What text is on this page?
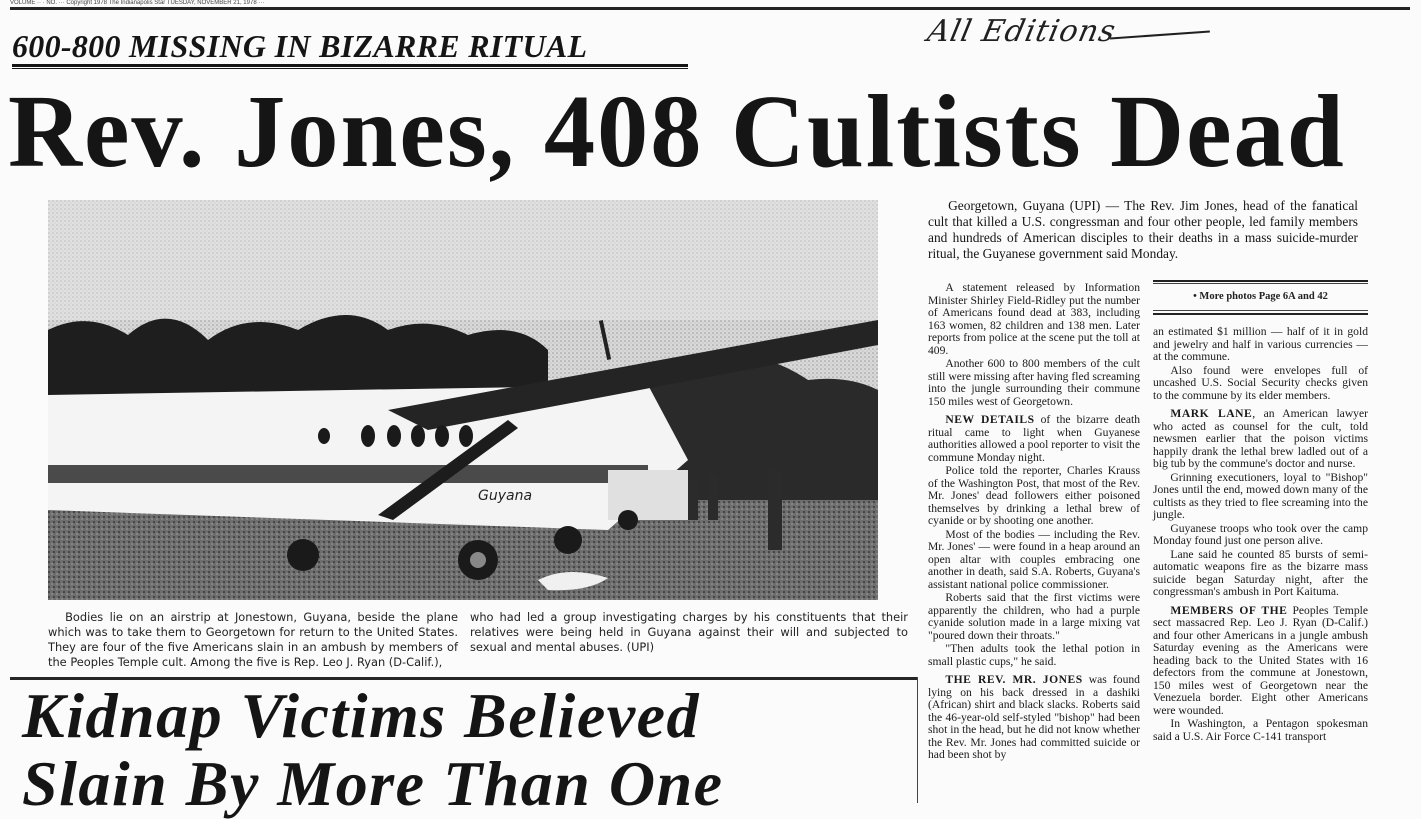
VOLUME ·· · NO. ··· Copyright 1978 The Indianapolis Star TUESDAY, NOVEMBER 21, 1978 ···
600-800 MISSING IN BIZARRE RITUAL	All Editions
Rev. Jones, 408 Cultists Dead
Guyana
Bodies lie on an airstrip at Jonestown, Guyana, beside the plane which was to take them to Georgetown for return to the United States. They are four of the five Americans slain in an ambush by members of the Peoples Temple cult. Among the five is Rep. Leo J. Ryan (D-Calif.),
who had led a group investigating charges by his constituents that their relatives were being held in Guyana against their will and subjected to sexual and mental abuses. (UPI)
Kidnap Victims Believed
Slain By More Than One

Georgetown, Guyana (UPI) — The Rev. Jim Jones, head of the fanatical cult that killed a U.S. congressman and four other people, led family members and hundreds of American disciples to their deaths in a mass suicide-murder ritual, the Guyanese government said Monday.

A statement released by Information Minister Shirley Field-Ridley put the number of Americans found dead at 383, including 163 women, 82 children and 138 men. Later reports from police at the scene put the toll at 409.

Another 600 to 800 members of the cult still were missing after having fled screaming into the jungle surrounding their commune 150 miles west of Georgetown.

NEW DETAILS of the bizarre death ritual came to light when Guyanese authorities allowed a pool reporter to visit the commune Monday night.

Police told the reporter, Charles Krauss of the Washington Post, that most of the Rev. Mr. Jones' dead followers either poisoned themselves by drinking a lethal brew of cyanide or by shooting one another.

Most of the bodies — including the Rev. Mr. Jones' — were found in a heap around an open altar with couples embracing one another in death, said S.A. Roberts, Guyana's assistant national police commissioner.

Roberts said that the first victims were apparently the children, who had a purple cyanide solution made in a large mixing vat "poured down their throats."

"Then adults took the lethal potion in small plastic cups," he said.

THE REV. MR. JONES was found lying on his back dressed in a dashiki (African) shirt and black slacks. Roberts said the 46-year-old self-styled "bishop" had been shot in the head, but he did not know whether the Rev. Mr. Jones had committed suicide or had been shot by

• More photos Page 6A and 42

an estimated $1 million — half of it in gold and jewelry and half in various currencies — at the commune.

Also found were envelopes full of uncashed U.S. Social Security checks given to the commune by its elder members.

MARK LANE, an American lawyer who acted as counsel for the cult, told newsmen earlier that the poison victims happily drank the lethal brew ladled out of a big tub by the commune's doctor and nurse.

Grinning executioners, loyal to "Bishop" Jones until the end, mowed down many of the cultists as they tried to flee screaming into the jungle.

Guyanese troops who took over the camp Monday found just one person alive.

Lane said he counted 85 bursts of semi-automatic weapons fire as the bizarre mass suicide began Saturday night, after the congressman's ambush in Port Kaituma.

MEMBERS OF THE Peoples Temple sect massacred Rep. Leo J. Ryan (D-Calif.) and four other Americans in a jungle ambush Saturday evening as the Americans were heading back to the United States with 16 defectors from the commune at Jonestown, 150 miles west of Georgetown near the Venezuela border. Eight other Americans were wounded.

In Washington, a Pentagon spokesman said a U.S. Air Force C-141 transport
